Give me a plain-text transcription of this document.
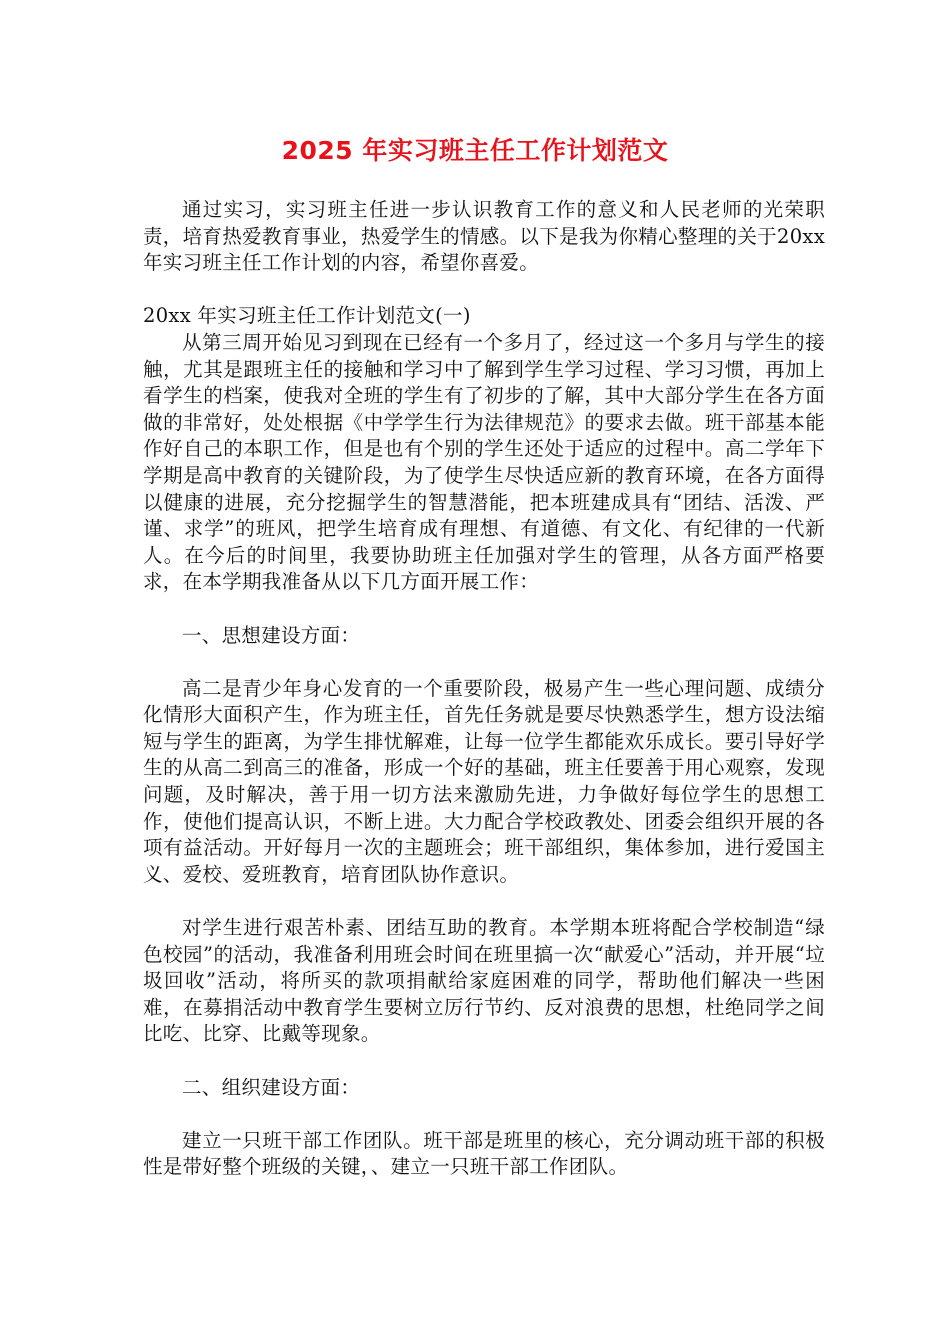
2025 年实习班主任工作计划范文

通过实习，实习班主任进一步认识教育工作的意义和人民老师的光荣职责，培育热爱教育事业，热爱学生的情感。以下是我为你精心整理的关于20xx 年实习班主任工作计划的内容，希望你喜爱。

20xx 年实习班主任工作计划范文(一)

从第三周开始见习到现在已经有一个多月了，经过这一个多月与学生的接触，尤其是跟班主任的接触和学习中了解到学生学习过程、学习习惯，再加上看学生的档案，使我对全班的学生有了初步的了解，其中大部分学生在各方面做的非常好，处处根据《中学学生行为法律规范》的要求去做。班干部基本能作好自己的本职工作，但是也有个别的学生还处于适应的过程中。高二学年下学期是高中教育的关键阶段，为了使学生尽快适应新的教育环境，在各方面得以健康的进展，充分挖掘学生的智慧潜能，把本班建成具有“团结、活泼、严谨、求学”的班风，把学生培育成有理想、有道德、有文化、有纪律的一代新人。在今后的时间里，我要协助班主任加强对学生的管理，从各方面严格要求，在本学期我准备从以下几方面开展工作：

一、思想建设方面：

高二是青少年身心发育的一个重要阶段，极易产生一些心理问题、成绩分化情形大面积产生，作为班主任，首先任务就是要尽快熟悉学生，想方设法缩短与学生的距离，为学生排忧解难，让每一位学生都能欢乐成长。要引导好学生的从高二到高三的准备，形成一个好的基础，班主任要善于用心观察，发现问题，及时解决，善于用一切方法来激励先进，力争做好每位学生的思想工作，使他们提高认识，不断上进。大力配合学校政教处、团委会组织开展的各项有益活动。开好每月一次的主题班会；班干部组织，集体参加，进行爱国主义、爱校、爱班教育，培育团队协作意识。

对学生进行艰苦朴素、团结互助的教育。本学期本班将配合学校制造“绿色校园”的活动，我准备利用班会时间在班里搞一次“献爱心”活动，并开展“垃圾回收”活动，将所买的款项捐献给家庭困难的同学，帮助他们解决一些困难，在募捐活动中教育学生要树立厉行节约、反对浪费的思想，杜绝同学之间比吃、比穿、比戴等现象。

二、组织建设方面：

建立一只班干部工作团队。班干部是班里的核心，充分调动班干部的积极性是带好整个班级的关键，、建立一只班干部工作团队。
